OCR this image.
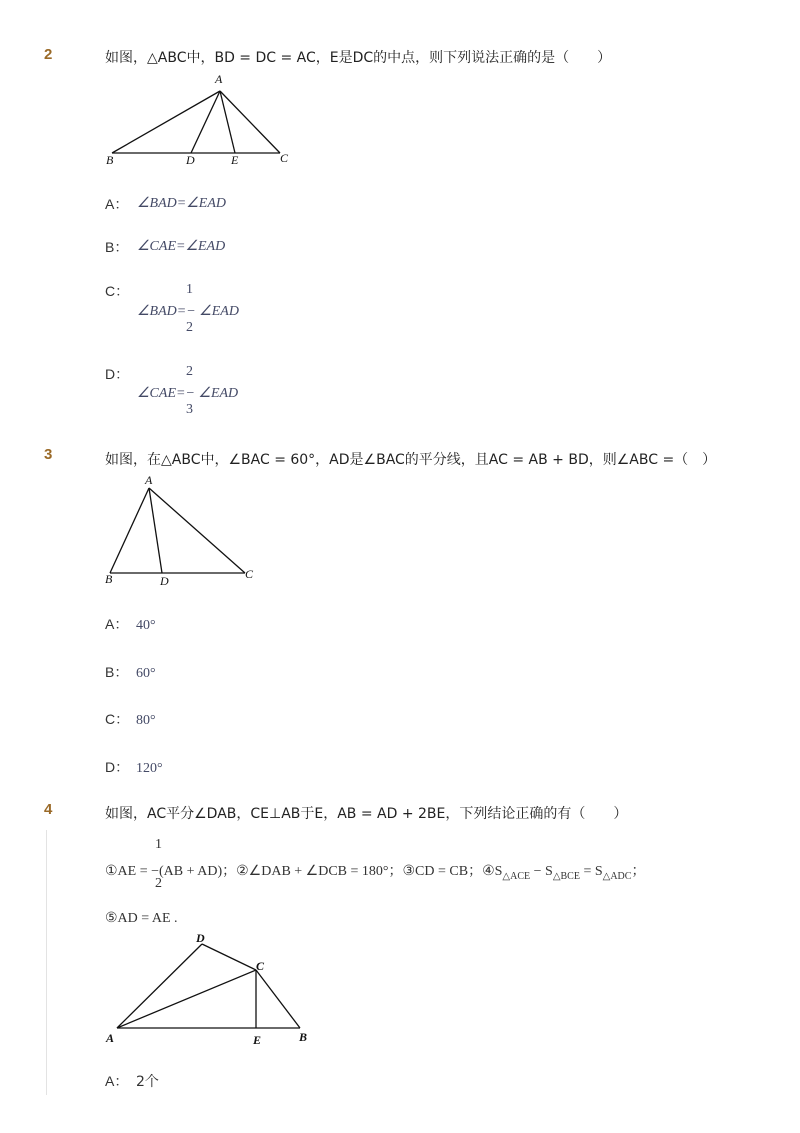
2	如图，△ABC中，BD = DC = AC，E是DC的中点，则下列说法正确的是（　　）
A
B	D	E	C
A： ∠BAD=∠EAD
B： ∠CAE=∠EAD
C：	1
∠BAD=− ∠EAD
2
D：	2
∠CAE=− ∠EAD
3
3	如图，在△ABC中，∠BAC = 60°，AD是∠BAC的平分线，且AC = AB + BD，则∠ABC =（　）
A
B	D	C
A： 40°
B： 60°
C： 80°
D： 120°
4	如图，AC平分∠DAB，CE⊥AB于E，AB = AD + 2BE，下列结论正确的有（　　）
1
①AE = −(AB + AD)；②∠DAB + ∠DCB = 180°；③CD = CB；$④S_{\triangle ACE} - S_{\triangle BCE} = S_{\triangle ADC}$；
2
⑤AD = AE .
D
C
A	E	B
A： 2个
